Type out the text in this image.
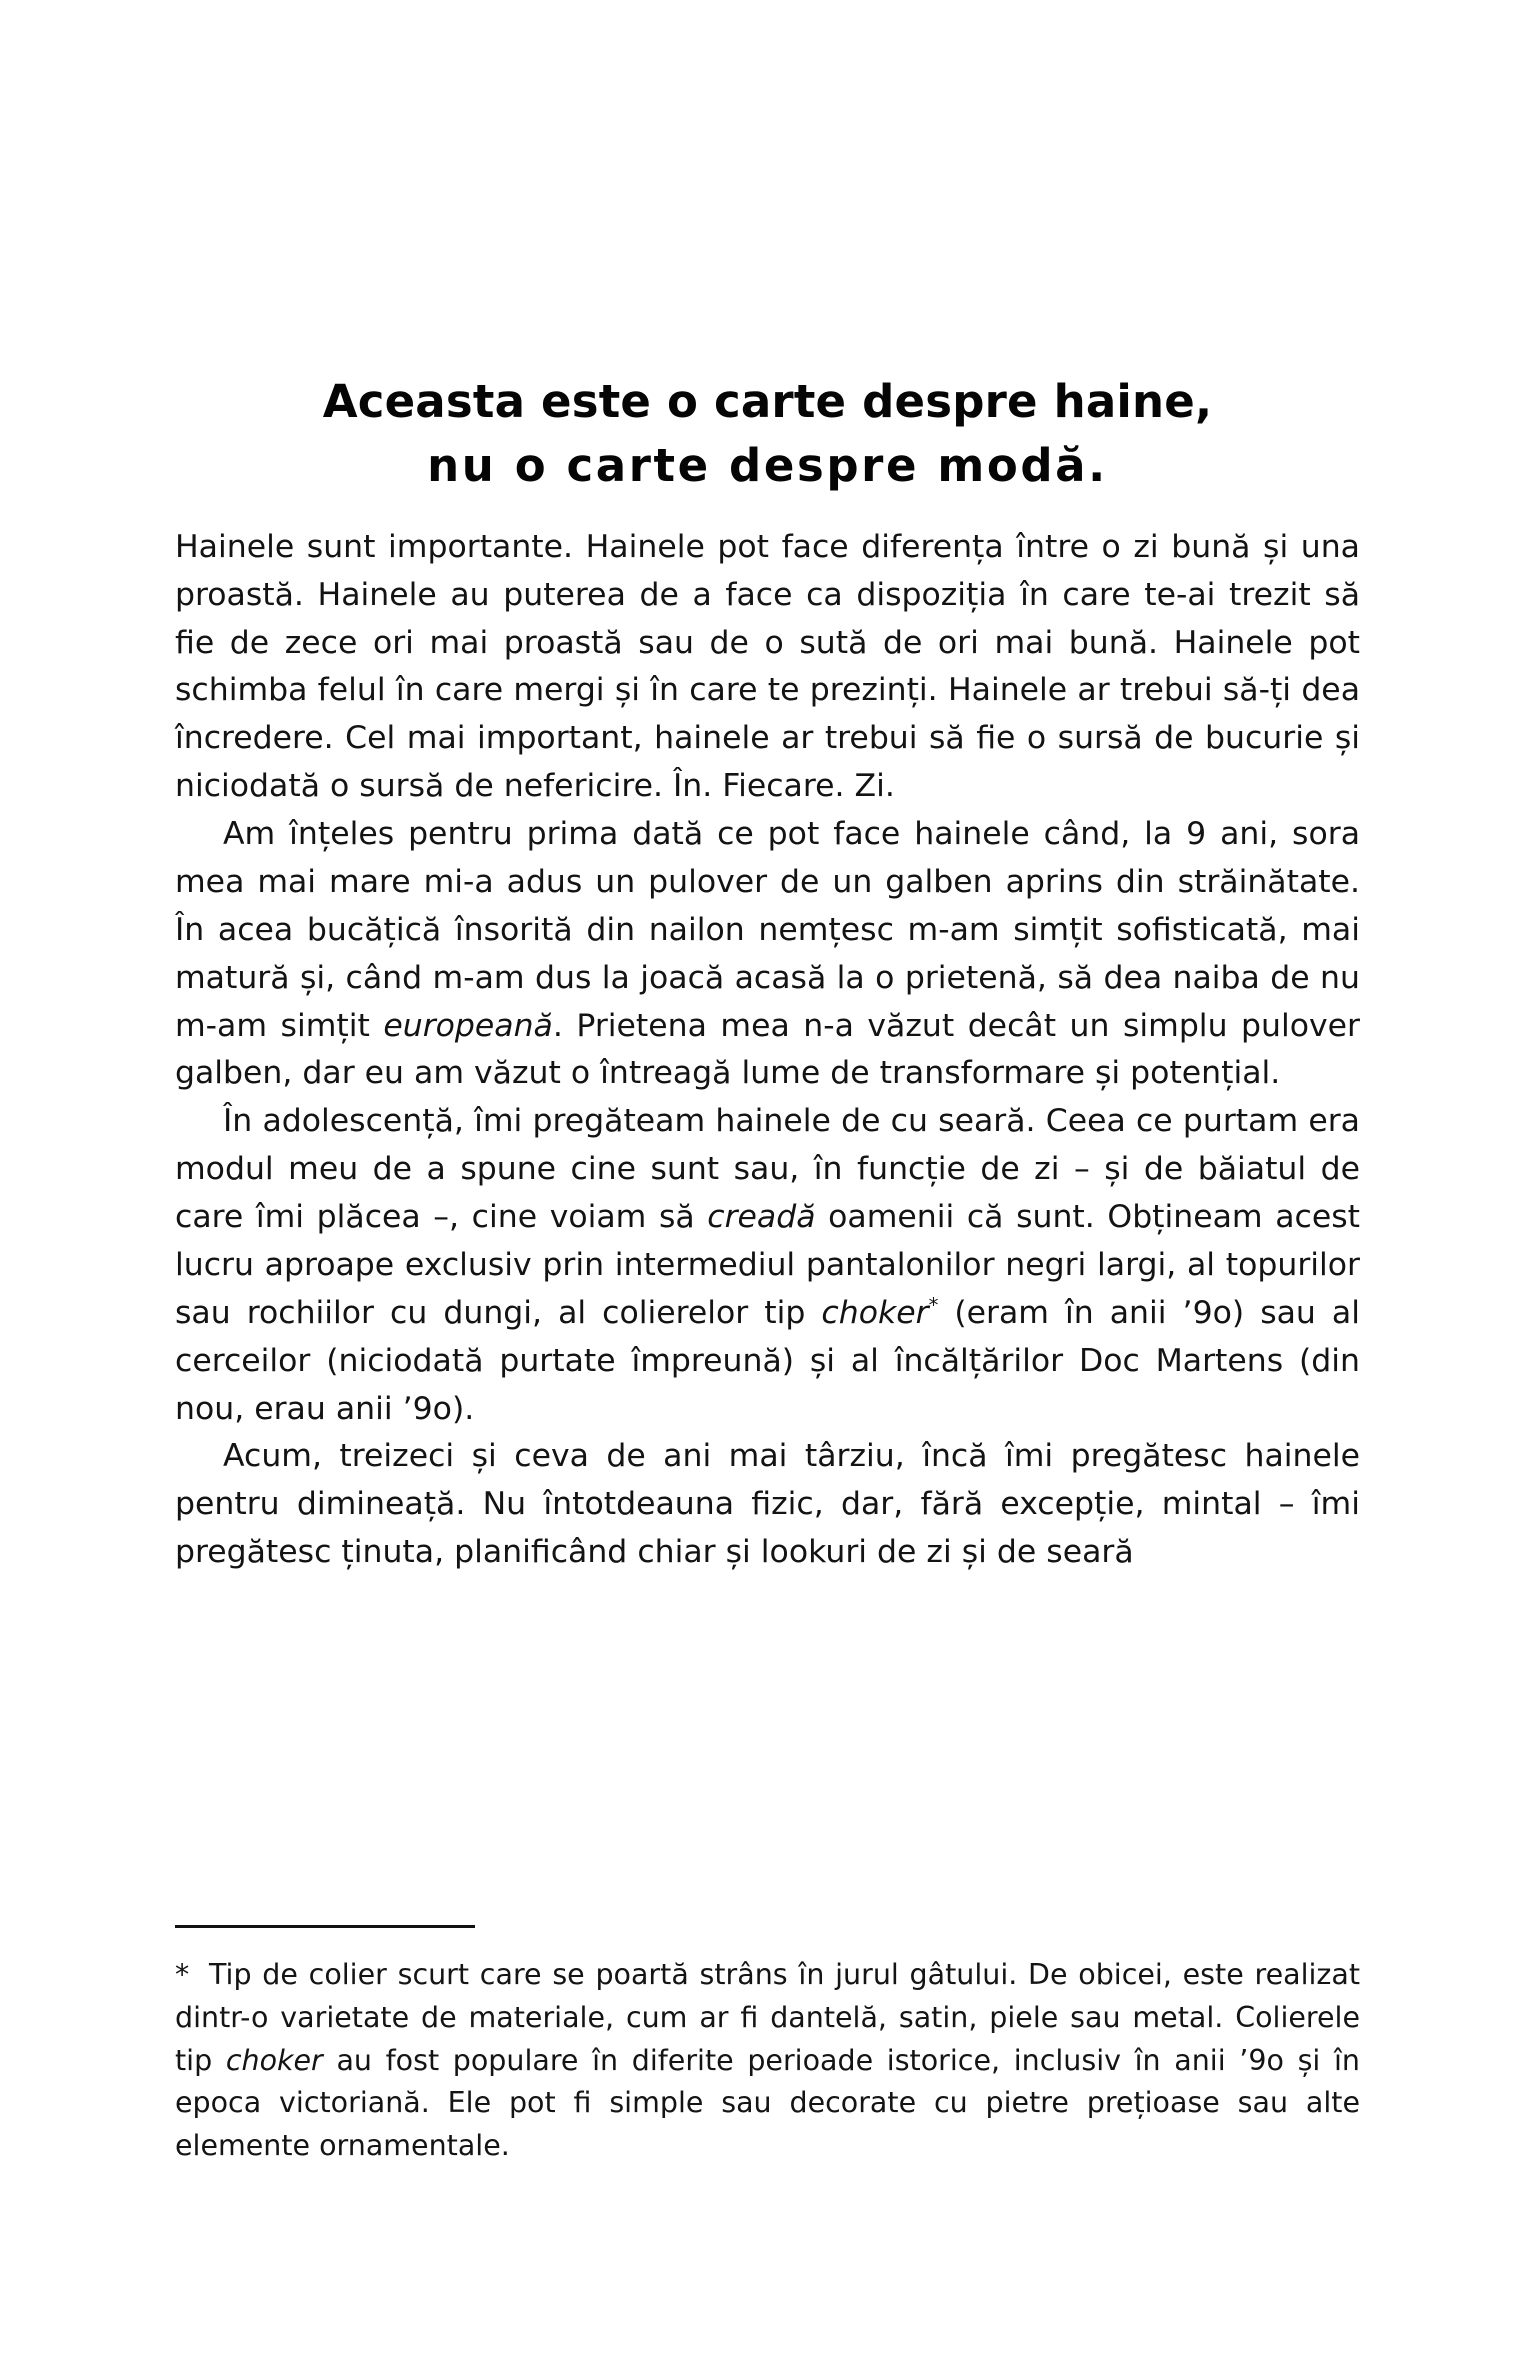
Aceasta este o carte despre haine,
nu o carte despre modă.

Hainele sunt importante. Hainele pot face diferența între o zi bună și una proastă. Hainele au puterea de a face ca dispoziția în care te-ai trezit să fie de zece ori mai proastă sau de o sută de ori mai bună. Hainele pot schimba felul în care mergi și în care te prezinți. Hainele ar trebui să-ți dea încredere. Cel mai important, hainele ar trebui să fie o sursă de bucurie și niciodată o sursă de nefericire. În. Fiecare. Zi.

Am înțeles pentru prima dată ce pot face hainele când, la 9 ani, sora mea mai mare mi-a adus un pulover de un galben aprins din străinătate. În acea bucățică însorită din nailon nemțesc m-am simțit sofisticată, mai matură și, când m-am dus la joacă acasă la o prietenă, să dea naiba de nu m-am simțit europeană. Prietena mea n-a văzut decât un simplu pulover galben, dar eu am văzut o întreagă lume de transformare și potențial.

În adolescență, îmi pregăteam hainele de cu seară. Ceea ce purtam era modul meu de a spune cine sunt sau, în funcție de zi – și de băiatul de care îmi plăcea –, cine voiam să creadă oamenii că sunt. Obțineam acest lucru aproape exclusiv prin intermediul pantalonilor negri largi, al topurilor sau rochiilor cu dungi, al colierelor tip choker* (eram în anii ’9o) sau al cerceilor (niciodată purtate împreună) și al încălțărilor Doc Martens (din nou, erau anii ’9o).

Acum, treizeci și ceva de ani mai târziu, încă îmi pregătesc hainele pentru dimineață. Nu întotdeauna fizic, dar, fără excepție, mintal – îmi pregătesc ținuta, planificând chiar și lookuri de zi și de seară

* Tip de colier scurt care se poartă strâns în jurul gâtului. De obicei, este realizat dintr-o varietate de materiale, cum ar fi dantelă, satin, piele sau metal. Colierele tip choker au fost populare în diferite perioade istorice, inclusiv în anii ’9o și în epoca victoriană. Ele pot fi simple sau decorate cu pietre prețioase sau alte elemente ornamentale.
